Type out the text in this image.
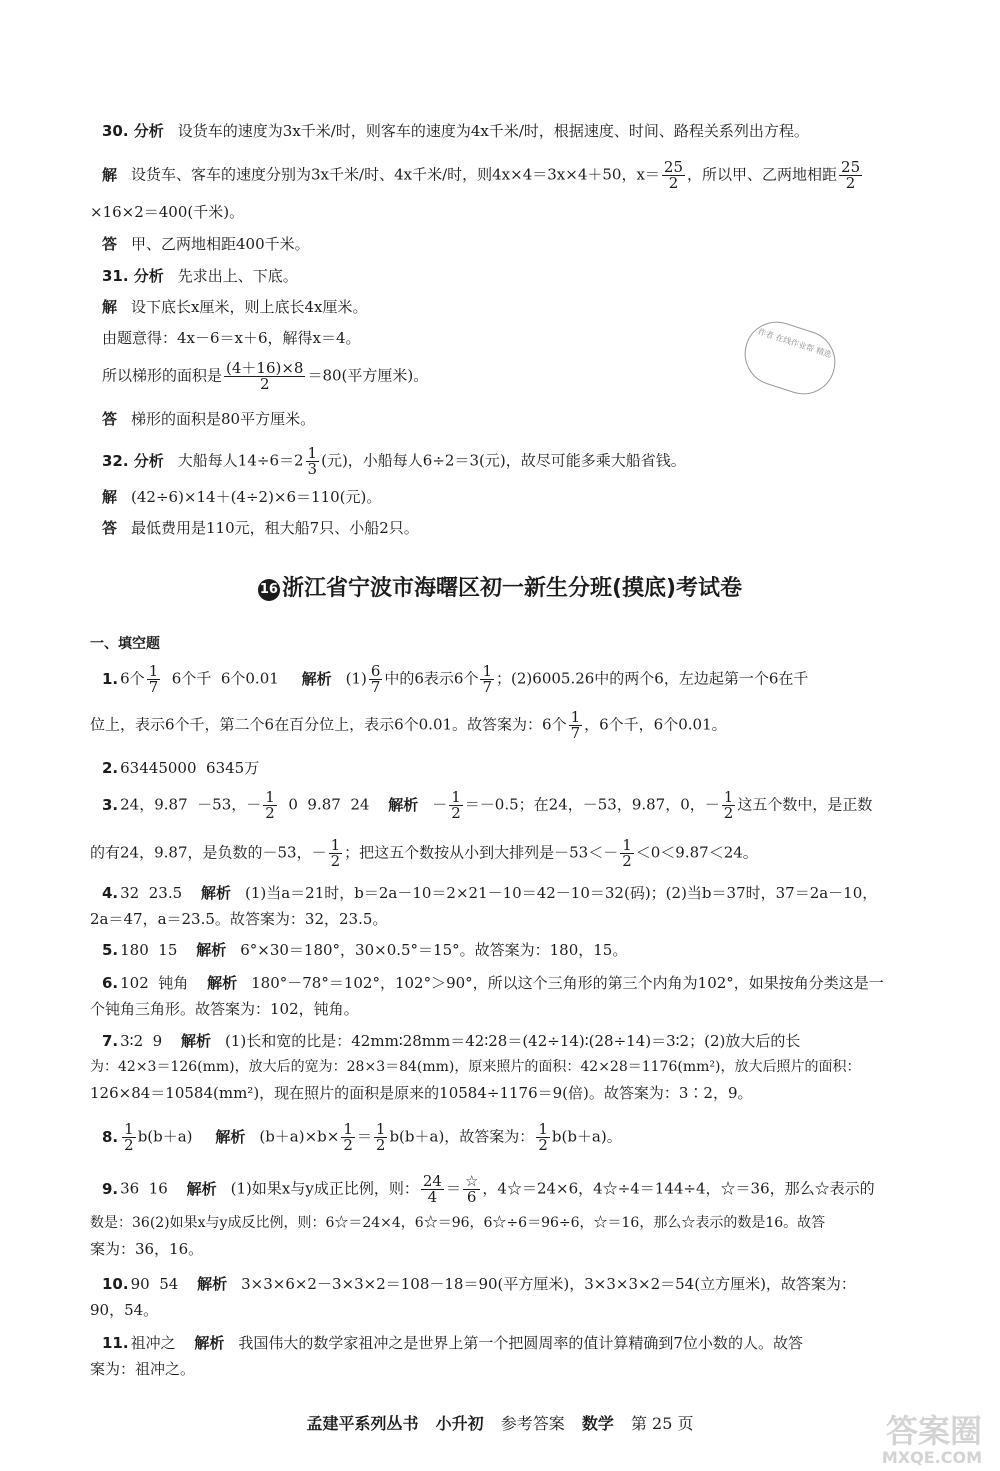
30. 分析 设货车的速度为3x千米/时，则客车的速度为4x千米/时，根据速度、时间、路程关系列出方程。
解 设货车、客车的速度分别为3x千米/时、4x千米/时，则4x×4＝3x×4＋50，$x= \frac{25}{2}$ ，所以甲、乙两地相距 $\frac{25}{2}$
×16×2＝400(千米)。
答 甲、乙两地相距400千米。
31. 分析 先求出上、下底。
解 设下底长x厘米，则上底长4x厘米。
由题意得：4x－6＝x＋6，解得x＝4。
所以梯形的面积是 $\frac{(4+16)\times 8}{2} =80$(平方厘米)。
答 梯形的面积是80平方厘米。
作者 在线作业帮 精选
32. 分析 大船每人$14\div 6=2 \frac{1}{3}$ (元)，小船每人6÷2＝3(元)，故尽可能多乘大船省钱。
解 (42÷6)×14＋(4÷2)×6＝110(元)。
答 最低费用是110元，租大船7只、小船2只。
16 浙江省宁波市海曙区初一新生分班(摸底)考试卷
一、填空题
1. 6个 $\frac{1}{7} 6$个千  6个0.01 解析 $(1) \frac{6}{7}$ 中的6表示6个 $\frac{1}{7}$ ；(2)6005.26中的两个6，左边起第一个6在千
位上，表示6个千，第二个6在百分位上，表示6个0.01。故答案为：6个 $\frac{1}{7}$ ，6个千，6个0.01。
2. 63445000  6345万
3. 24，9.87  －53，－ $\frac{1}{2} 0$  9.87  24 解析 － $\frac{1}{2} =-0.5$；在24，－53，9.87，0，－ $\frac{1}{2}$ 这五个数中，是正数
的有24，9.87，是负数的－53，－ $\frac{1}{2}$ ；把这五个数按从小到大排列是$-53<- \frac{1}{2} <0<9.87<24$。
4. 32  23.5 解析 (1)当a＝21时，b＝2a－10＝2×21－10＝42－10＝32(码)；(2)当b＝37时，37＝2a－10，
2a＝47，a＝23.5。故答案为：32，23.5。
5. 180  15 解析 6°×30＝180°，30×0.5°＝15°。故答案为：180，15。
6. 102  钝角 解析 180°－78°＝102°，102°＞90°，所以这个三角形的第三个内角为102°，如果按角分类这是一
个钝角三角形。故答案为：102，钝角。
7. 3∶2  9 解析 (1)长和宽的比是：42mm∶28mm＝42∶28＝(42÷14)∶(28÷14)＝3∶2；(2)放大后的长
为：42×3＝126(mm)，放大后的宽为：28×3＝84(mm)，原来照片的面积：42×28＝1176(mm²)，放大后照片的面积：
126×84＝10584(mm²)，现在照片的面积是原来的10584÷1176＝9(倍)。故答案为：3∶2，9。
8. $\frac{1}{2} b(b+a)$ 解析 $(b+a)\times b\times \frac{1}{2} = \frac{1}{2} b(b+a)$，故答案为： $\frac{1}{2} b(b+a)$。
9. 36  16 解析 (1)如果x与y成正比例，则： $\frac{24}{4} = \frac{☆}{6}$ ，4☆＝24×6，4☆÷4＝144÷4，☆＝36，那么☆表示的
数是：36(2)如果x与y成反比例，则：6☆＝24×4，6☆＝96，6☆÷6＝96÷6，☆＝16，那么☆表示的数是16。故答
案为：36，16。
10. 90  54 解析 3×3×6×2－3×3×2＝108－18＝90(平方厘米)，3×3×3×2＝54(立方厘米)，故答案为：
90，54。
11. 祖冲之 解析 我国伟大的数学家祖冲之是世界上第一个把圆周率的值计算精确到7位小数的人。故答
案为：祖冲之。
孟建平系列丛书 小升初 参考答案 数学 第 25 页	答案圈
MXQE.COM
